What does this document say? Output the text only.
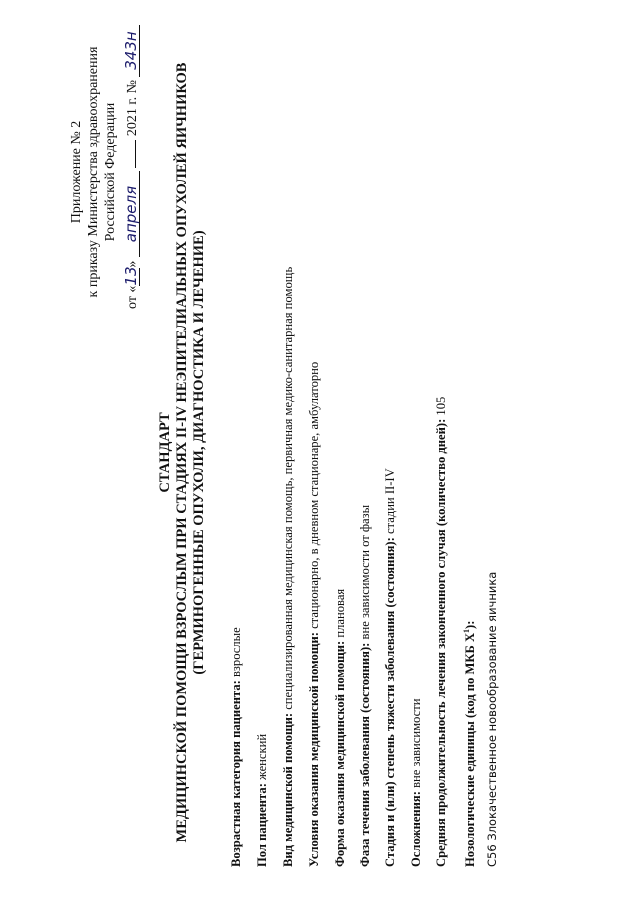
Приложение № 2 к приказу Министерства здравоохранения Российской Федерации
от «13» апреля  2021 г. № 343н
СТАНДАРТ МЕДИЦИНСКОЙ ПОМОЩИ ВЗРОСЛЫМ ПРИ СТАДИЯХ II-IV НЕЭПИТЕЛИАЛЬНЫХ ОПУХОЛЕЙ ЯИЧНИКОВ (ГЕРМИНОГЕННЫЕ ОПУХОЛИ, ДИАГНОСТИКА И ЛЕЧЕНИЕ)
Возрастная категория пациента: взрослые
Пол пациента: женский Вид медицинской помощи: специализированная медицинская помощь, первичная медико-санитарная помощь
Условия оказания медицинской помощи: стационарно, в дневном стационаре, амбулаторно
Форма оказания медицинской помощи: плановая
Фаза течения заболевания (состояния): вне зависимости от фазы Стадия и (или) степень тяжести заболевания (состояния): стадии II-IV
Осложнения: вне зависимости Средняя продолжительность лечения законченного случая (количество дней): 105
Нозологические единицы (код по МКБ $X^1$):
C56 Злокачественное новообразование яичника
